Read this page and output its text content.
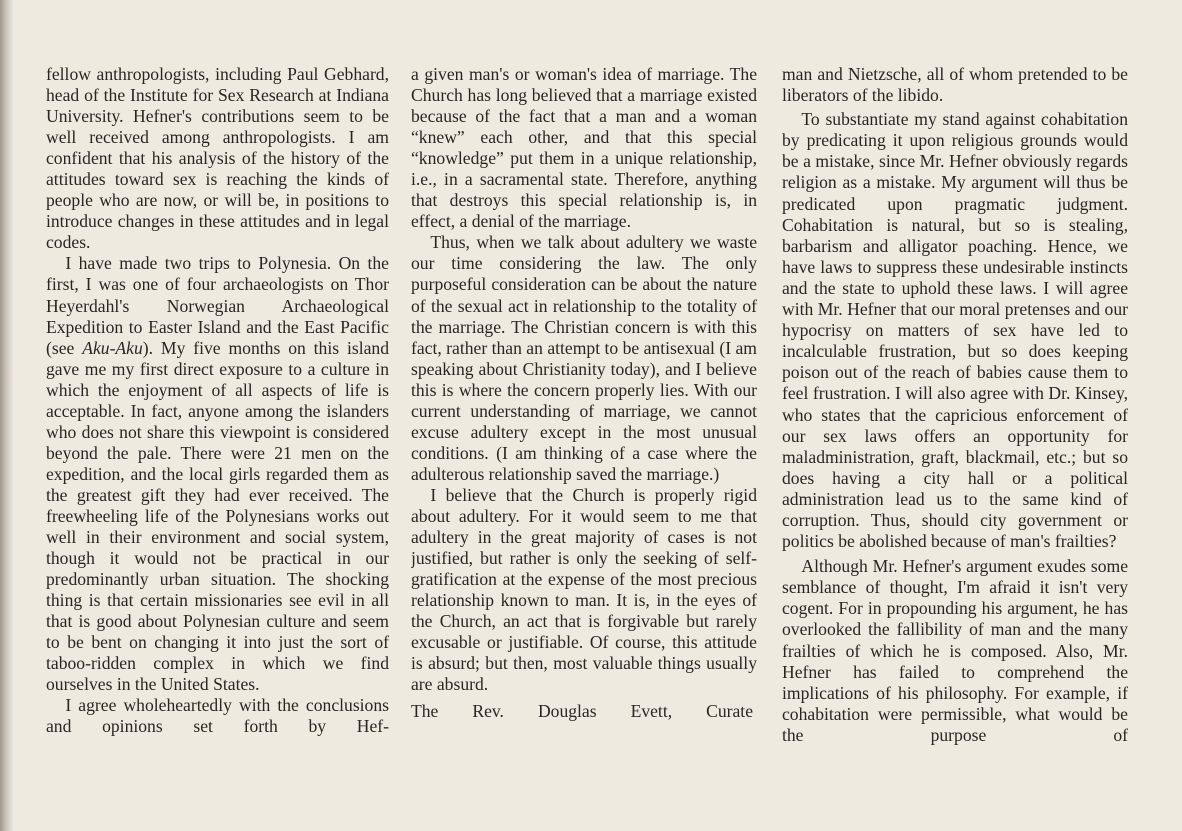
fellow anthropologists, including Paul Gebhard, head of the Institute for Sex Research at Indiana University. Hefner's contributions seem to be well received among anthropologists. I am confident that his analysis of the history of the attitudes toward sex is reaching the kinds of people who are now, or will be, in positions to introduce changes in these attitudes and in legal codes.

I have made two trips to Polynesia. On the first, I was one of four archaeologists on Thor Heyerdahl's Norwegian Archaeological Expedition to Easter Island and the East Pacific (see Aku-Aku). My five months on this island gave me my first direct exposure to a culture in which the enjoyment of all aspects of life is acceptable. In fact, anyone among the islanders who does not share this viewpoint is considered beyond the pale. There were 21 men on the expedition, and the local girls regarded them as the greatest gift they had ever received. The freewheeling life of the Polynesians works out well in their environment and social system, though it would not be practical in our predominantly urban situation. The shocking thing is that certain missionaries see evil in all that is good about Polynesian culture and seem to be bent on changing it into just the sort of taboo-ridden complex in which we find ourselves in the United States.

I agree wholeheartedly with the conclusions and opinions set forth by Hef-

a given man's or woman's idea of marriage. The Church has long believed that a marriage existed because of the fact that a man and a woman “knew” each other, and that this special “knowledge” put them in a unique relationship, i.e., in a sacramental state. Therefore, anything that destroys this special relationship is, in effect, a denial of the marriage.

Thus, when we talk about adultery we waste our time considering the law. The only purposeful consideration can be about the nature of the sexual act in relationship to the totality of the marriage. The Christian concern is with this fact, rather than an attempt to be antisexual (I am speaking about Christianity today), and I believe this is where the concern properly lies. With our current understanding of marriage, we cannot excuse adultery except in the most unusual conditions. (I am thinking of a case where the adulterous relationship saved the marriage.)

I believe that the Church is properly rigid about adultery. For it would seem to me that adultery in the great majority of cases is not justified, but rather is only the seeking of self-gratification at the expense of the most precious relationship known to man. It is, in the eyes of the Church, an act that is forgivable but rarely excusable or justifiable. Of course, this attitude is absurd; but then, most valuable things usually are absurd.

The Rev. Douglas Evett, Curate

man and Nietzsche, all of whom pretended to be liberators of the libido.

To substantiate my stand against cohabitation by predicating it upon religious grounds would be a mistake, since Mr. Hefner obviously regards religion as a mistake. My argument will thus be predicated upon pragmatic judgment. Cohabitation is natural, but so is stealing, barbarism and alligator poaching. Hence, we have laws to suppress these undesirable instincts and the state to uphold these laws. I will agree with Mr. Hefner that our moral pretenses and our hypocrisy on matters of sex have led to incalculable frustration, but so does keeping poison out of the reach of babies cause them to feel frustration. I will also agree with Dr. Kinsey, who states that the capricious enforcement of our sex laws offers an opportunity for maladministration, graft, blackmail, etc.; but so does having a city hall or a political administration lead us to the same kind of corruption. Thus, should city government or politics be abolished because of man's frailties?

Although Mr. Hefner's argument exudes some semblance of thought, I'm afraid it isn't very cogent. For in propounding his argument, he has overlooked the fallibility of man and the many frailties of which he is composed. Also, Mr. Hefner has failed to comprehend the implications of his philosophy. For example, if cohabitation were permissible, what would be the purpose of
